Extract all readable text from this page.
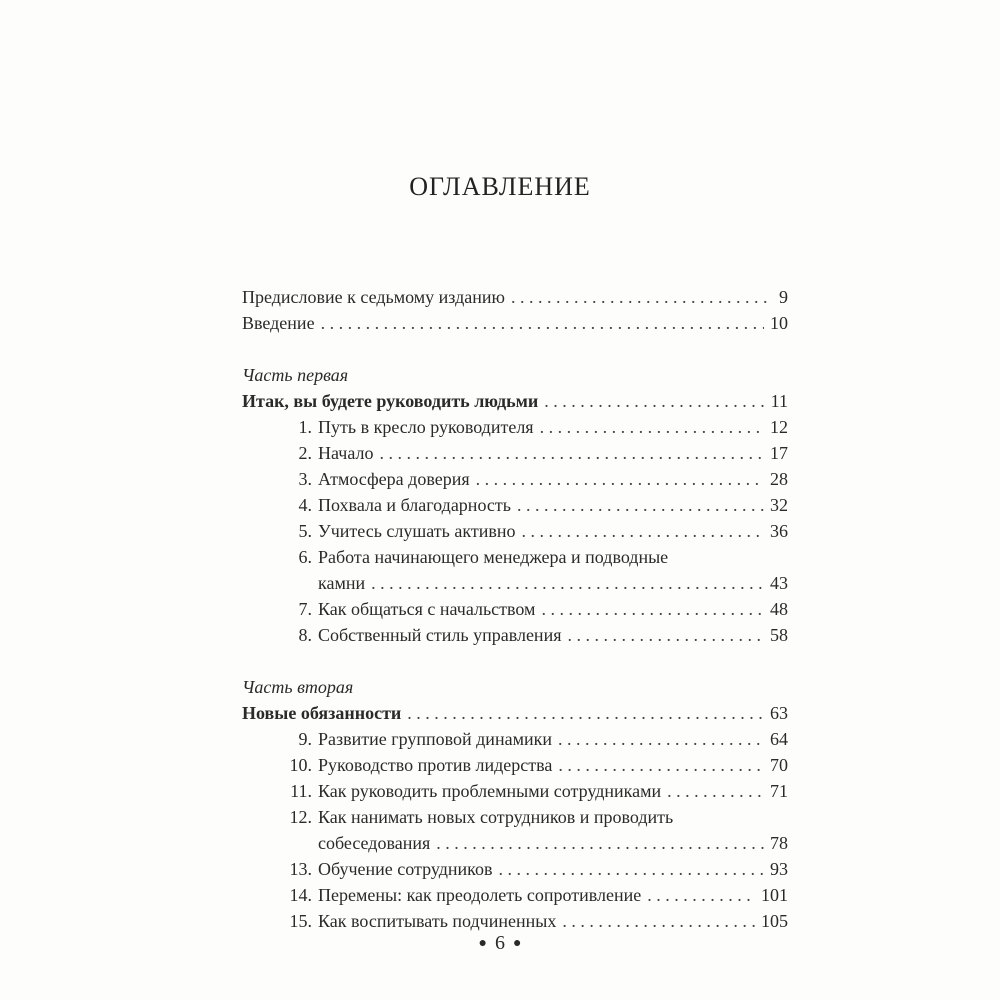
ОГЛАВЛЕНИЕ
Предисловие к седьмому изданию . . .	9
Введение . . .	10
Часть первая
Итак, вы будете руководить людьми . . .	11
1. Путь в кресло руководителя . . .	12
2. Начало . . .	17
3. Атмосфера доверия . . .	28
4. Похвала и благодарность . . .	32
5. Учитесь слушать активно . . .	36
6. Работа начинающего менеджера и подводные
камни . . .	43
7. Как общаться с начальством . . .	48
8. Собственный стиль управления . . .	58
Часть вторая
Новые обязанности . . .	63
9. Развитие групповой динамики . . .	64
10. Руководство против лидерства . . .	70
11. Как руководить проблемными сотрудниками . . .	71
12. Как нанимать новых сотрудников и проводить
собеседования . . .	78
13. Обучение сотрудников . . .	93
14. Перемены: как преодолеть сопротивление . . .	101
15. Как воспитывать подчиненных . . .	105
● 6 ●
